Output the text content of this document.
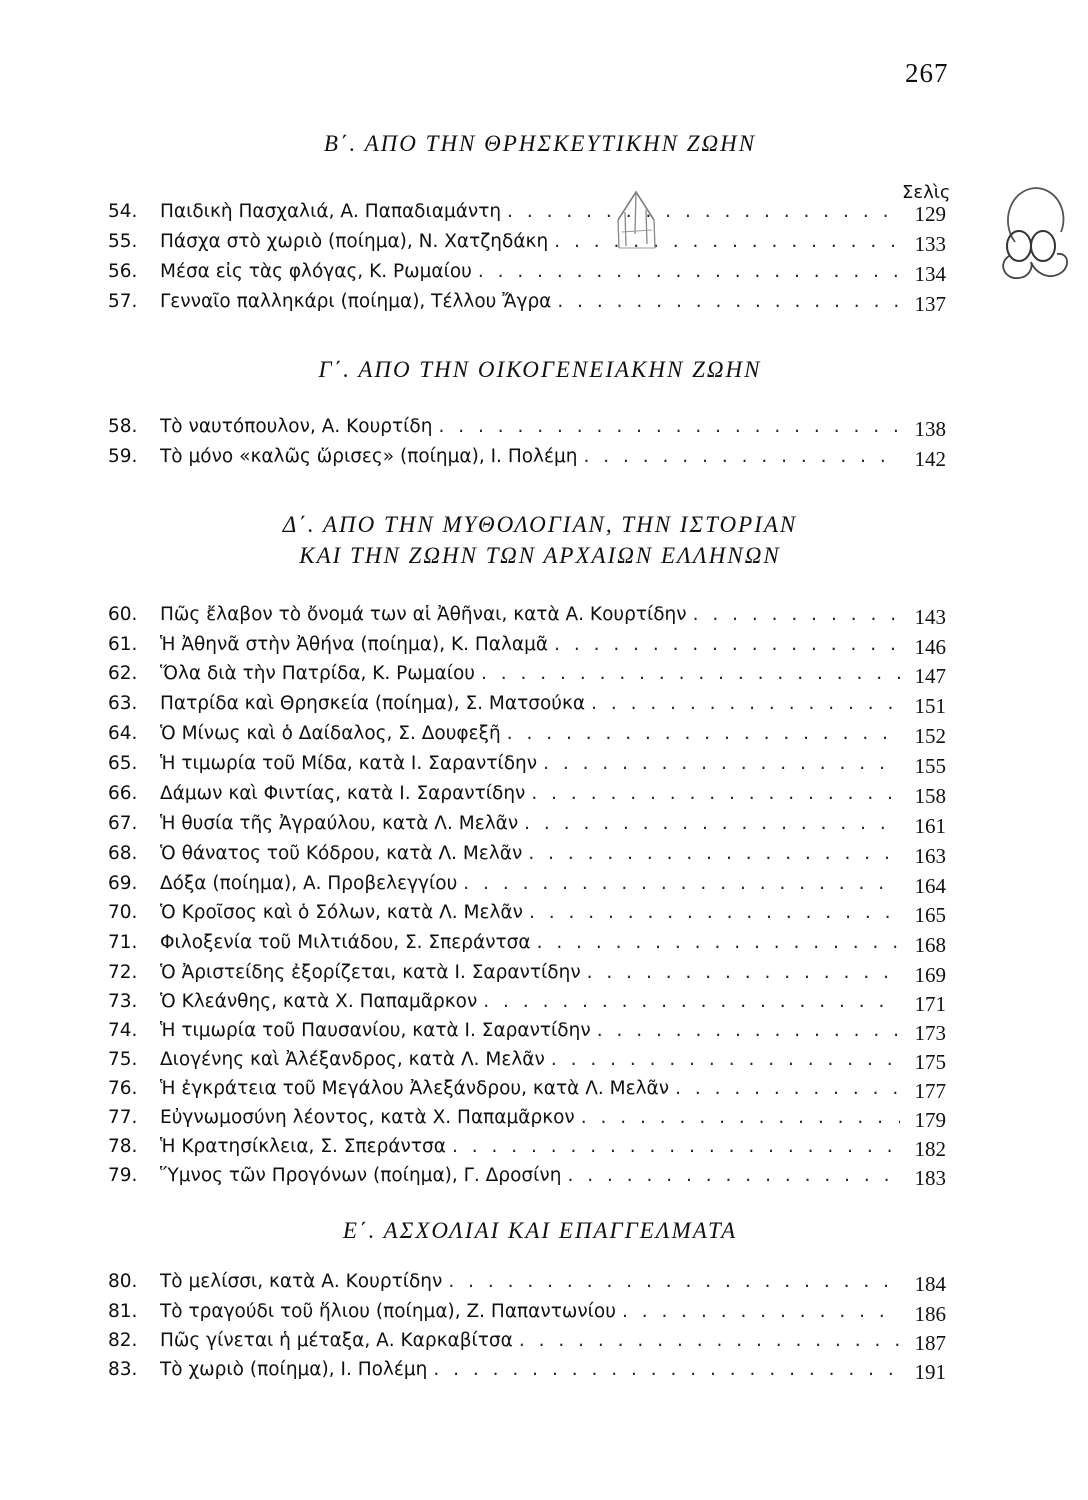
267
Β΄. ΑΠΟ ΤΗΝ ΘΡΗΣΚΕΥΤΙΚΗΝ ΖΩΗΝ
Σελὶς
54.	Παιδικὴ Πασχαλιά, Α. Παπαδιαμάντη . . .	129
55.	Πάσχα στὸ χωριὸ (ποίημα), Ν. Χατζηδάκη . . .	133
56.	Μέσα εἰς τὰς φλόγας, Κ. Ρωμαίου . . .	134
57.	Γενναῖο παλληκάρι (ποίημα), Τέλλου Ἄγρα . . .	137
Γ΄. ΑΠΟ ΤΗΝ ΟΙΚΟΓΕΝΕΙΑΚΗΝ ΖΩΗΝ
58.	Τὸ ναυτόπουλον, Α. Κουρτίδη . . .	138
59.	Τὸ μόνο «καλῶς ὥρισες» (ποίημα), Ι. Πολέμη . . .	142
Δ΄. ΑΠΟ ΤΗΝ ΜΥΘΟΛΟΓΙΑΝ, ΤΗΝ ΙΣΤΟΡΙΑΝ
ΚΑΙ ΤΗΝ ΖΩΗΝ ΤΩΝ ΑΡΧΑΙΩΝ ΕΛΛΗΝΩΝ
60.	Πῶς ἔλαβον τὸ ὄνομά των αἱ Ἀθῆναι, κατὰ Α. Κουρτίδην . . .	143
61.	Ἡ Ἀθηνᾶ στὴν Ἀθήνα (ποίημα), Κ. Παλαμᾶ . . .	146
62.	Ὅλα διὰ τὴν Πατρίδα, Κ. Ρωμαίου . . .	147
63.	Πατρίδα καὶ Θρησκεία (ποίημα), Σ. Ματσούκα . . .	151
64.	Ὁ Μίνως καὶ ὁ Δαίδαλος, Σ. Δουφεξῆ . . .	152
65.	Ἡ τιμωρία τοῦ Μίδα, κατὰ Ι. Σαραντίδην . . .	155
66.	Δάμων καὶ Φιντίας, κατὰ Ι. Σαραντίδην . . .	158
67.	Ἡ θυσία τῆς Ἀγραύλου, κατὰ Λ. Μελᾶν . . .	161
68.	Ὁ θάνατος τοῦ Κόδρου, κατὰ Λ. Μελᾶν . . .	163
69.	Δόξα (ποίημα), Α. Προβελεγγίου . . .	164
70.	Ὁ Κροῖσος καὶ ὁ Σόλων, κατὰ Λ. Μελᾶν . . .	165
71.	Φιλοξενία τοῦ Μιλτιάδου, Σ. Σπεράντσα . . .	168
72.	Ὁ Ἀριστείδης ἐξορίζεται, κατὰ Ι. Σαραντίδην . . .	169
73.	Ὁ Κλεάνθης, κατὰ Χ. Παπαμᾶρκον . . .	171
74.	Ἡ τιμωρία τοῦ Παυσανίου, κατὰ Ι. Σαραντίδην . . .	173
75.	Διογένης καὶ Ἀλέξανδρος, κατὰ Λ. Μελᾶν . . .	175
76.	Ἡ ἐγκράτεια τοῦ Μεγάλου Ἀλεξάνδρου, κατὰ Λ. Μελᾶν . . .	177
77.	Εὐγνωμοσύνη λέοντος, κατὰ Χ. Παπαμᾶρκον . . .	179
78.	Ἡ Κρατησίκλεια, Σ. Σπεράντσα . . .	182
79.	Ὕμνος τῶν Προγόνων (ποίημα), Γ. Δροσίνη . . .	183
Ε΄. ΑΣΧΟΛΙΑΙ ΚΑΙ ΕΠΑΓΓΕΛΜΑΤΑ
80.	Τὸ μελίσσι, κατὰ Α. Κουρτίδην . . .	184
81.	Τὸ τραγούδι τοῦ ἥλιου (ποίημα), Ζ. Παπαντωνίου . . .	186
82.	Πῶς γίνεται ἡ μέταξα, Α. Καρκαβίτσα . . .	187
83.	Τὸ χωριὸ (ποίημα), Ι. Πολέμη . . .	191
